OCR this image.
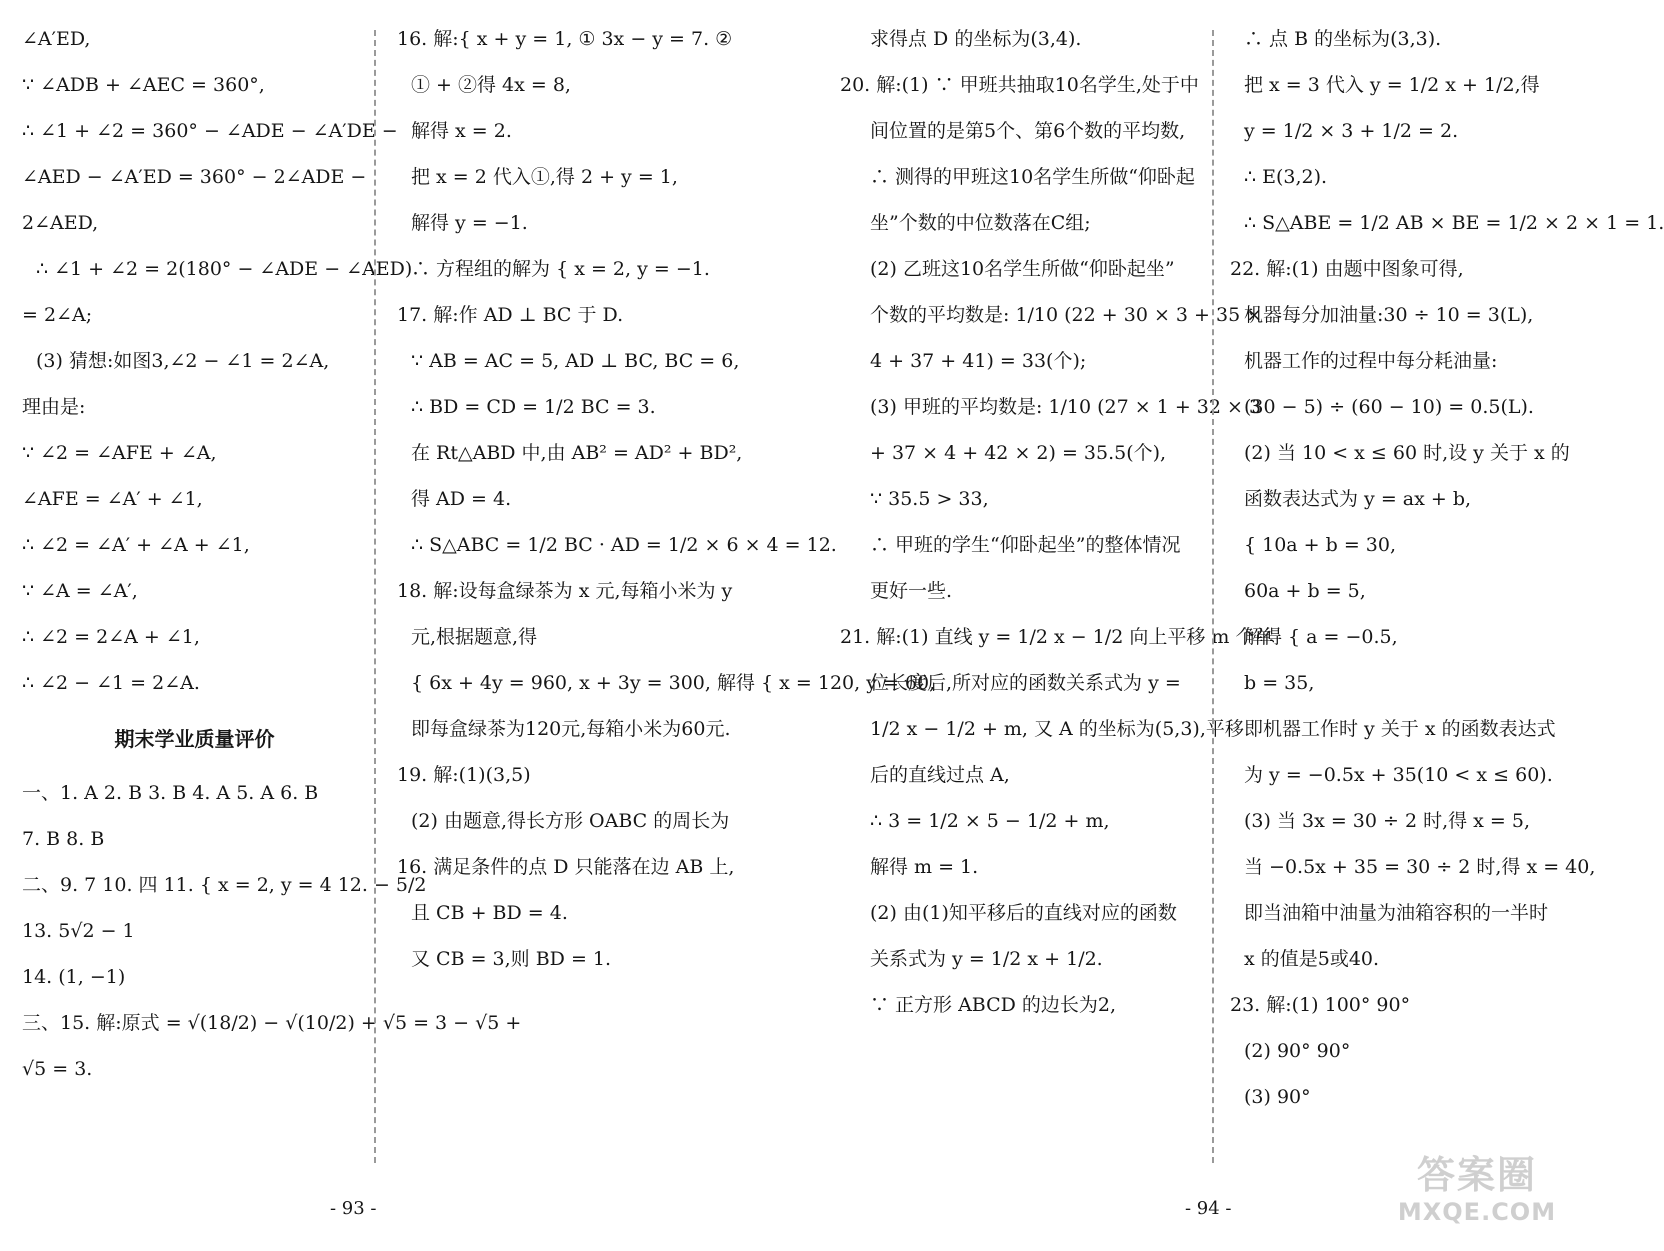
∠A′ED,
∵ ∠ADB + ∠AEC = 360°,
∴ ∠1 + ∠2 = 360° − ∠ADE − ∠A′DE −
∠AED − ∠A′ED = 360° − 2∠ADE −
2∠AED,
∴ ∠1 + ∠2 = 2(180° − ∠ADE − ∠AED)
= 2∠A;
(3) 猜想:如图3,∠2 − ∠1 = 2∠A,
理由是:
∵ ∠2 = ∠AFE + ∠A,
∠AFE = ∠A′ + ∠1,
∴ ∠2 = ∠A′ + ∠A + ∠1,
∵ ∠A = ∠A′,
∴ ∠2 = 2∠A + ∠1,
∴ ∠2 − ∠1 = 2∠A.
期末学业质量评价
一、1. A 2. B 3. B 4. A 5. A 6. B
7. B 8. B
二、9. 7 10. 四 11. { x = 2, y = 4 12. − 5/2
13. 5√2 − 1
14. (1, −1)
三、15. 解:原式 = √(18/2) − √(10/2) + √5 = 3 − √5 +
√5 = 3.
16. 解:{ x + y = 1, ① 3x − y = 7. ②
① + ②得 4x = 8,
解得 x = 2.
把 x = 2 代入①,得 2 + y = 1,
解得 y = −1.
∴ 方程组的解为 { x = 2, y = −1.
17. 解:作 AD ⊥ BC 于 D.
∵ AB = AC = 5, AD ⊥ BC, BC = 6,
∴ BD = CD = 1/2 BC = 3.
在 Rt△ABD 中,由 AB² = AD² + BD²,
得 AD = 4.
∴ S△ABC = 1/2 BC · AD = 1/2 × 6 × 4 = 12.
18. 解:设每盒绿茶为 x 元,每箱小米为 y
元,根据题意,得
{ 6x + 4y = 960, x + 3y = 300, 解得 { x = 120, y = 60,
即每盒绿茶为120元,每箱小米为60元.
19. 解:(1)(3,5)
(2) 由题意,得长方形 OABC 的周长为
16. 满足条件的点 D 只能落在边 AB 上,
且 CB + BD = 4.
又 CB = 3,则 BD = 1.
- 93 -
求得点 D 的坐标为(3,4).
20. 解:(1) ∵ 甲班共抽取10名学生,处于中
间位置的是第5个、第6个数的平均数,
∴ 测得的甲班这10名学生所做“仰卧起
坐”个数的中位数落在C组;
(2) 乙班这10名学生所做“仰卧起坐”
个数的平均数是: 1/10 (22 + 30 × 3 + 35 ×
4 + 37 + 41) = 33(个);
(3) 甲班的平均数是: 1/10 (27 × 1 + 32 × 3
+ 37 × 4 + 42 × 2) = 35.5(个),
∵ 35.5 > 33,
∴ 甲班的学生“仰卧起坐”的整体情况
更好一些.
21. 解:(1) 直线 y = 1/2 x − 1/2 向上平移 m 个单
位长度后,所对应的函数关系式为 y =
1/2 x − 1/2 + m, 又 A 的坐标为(5,3),平移
后的直线过点 A,
∴ 3 = 1/2 × 5 − 1/2 + m,
解得 m = 1.
(2) 由(1)知平移后的直线对应的函数
关系式为 y = 1/2 x + 1/2.
∵ 正方形 ABCD 的边长为2,
∴ 点 B 的坐标为(3,3).
把 x = 3 代入 y = 1/2 x + 1/2,得
y = 1/2 × 3 + 1/2 = 2.
∴ E(3,2).
∴ S△ABE = 1/2 AB × BE = 1/2 × 2 × 1 = 1.
22. 解:(1) 由题中图象可得,
机器每分加油量:30 ÷ 10 = 3(L),
机器工作的过程中每分耗油量:
(30 − 5) ÷ (60 − 10) = 0.5(L).
(2) 当 10 < x ≤ 60 时,设 y 关于 x 的
函数表达式为 y = ax + b,
{ 10a + b = 30,
60a + b = 5,
解得 { a = −0.5,
b = 35,
即机器工作时 y 关于 x 的函数表达式
为 y = −0.5x + 35(10 < x ≤ 60).
(3) 当 3x = 30 ÷ 2 时,得 x = 5,
当 −0.5x + 35 = 30 ÷ 2 时,得 x = 40,
即当油箱中油量为油箱容积的一半时
x 的值是5或40.
23. 解:(1) 100° 90°
(2) 90° 90°
(3) 90°
- 94 -
答案圈
MXQE.COM
